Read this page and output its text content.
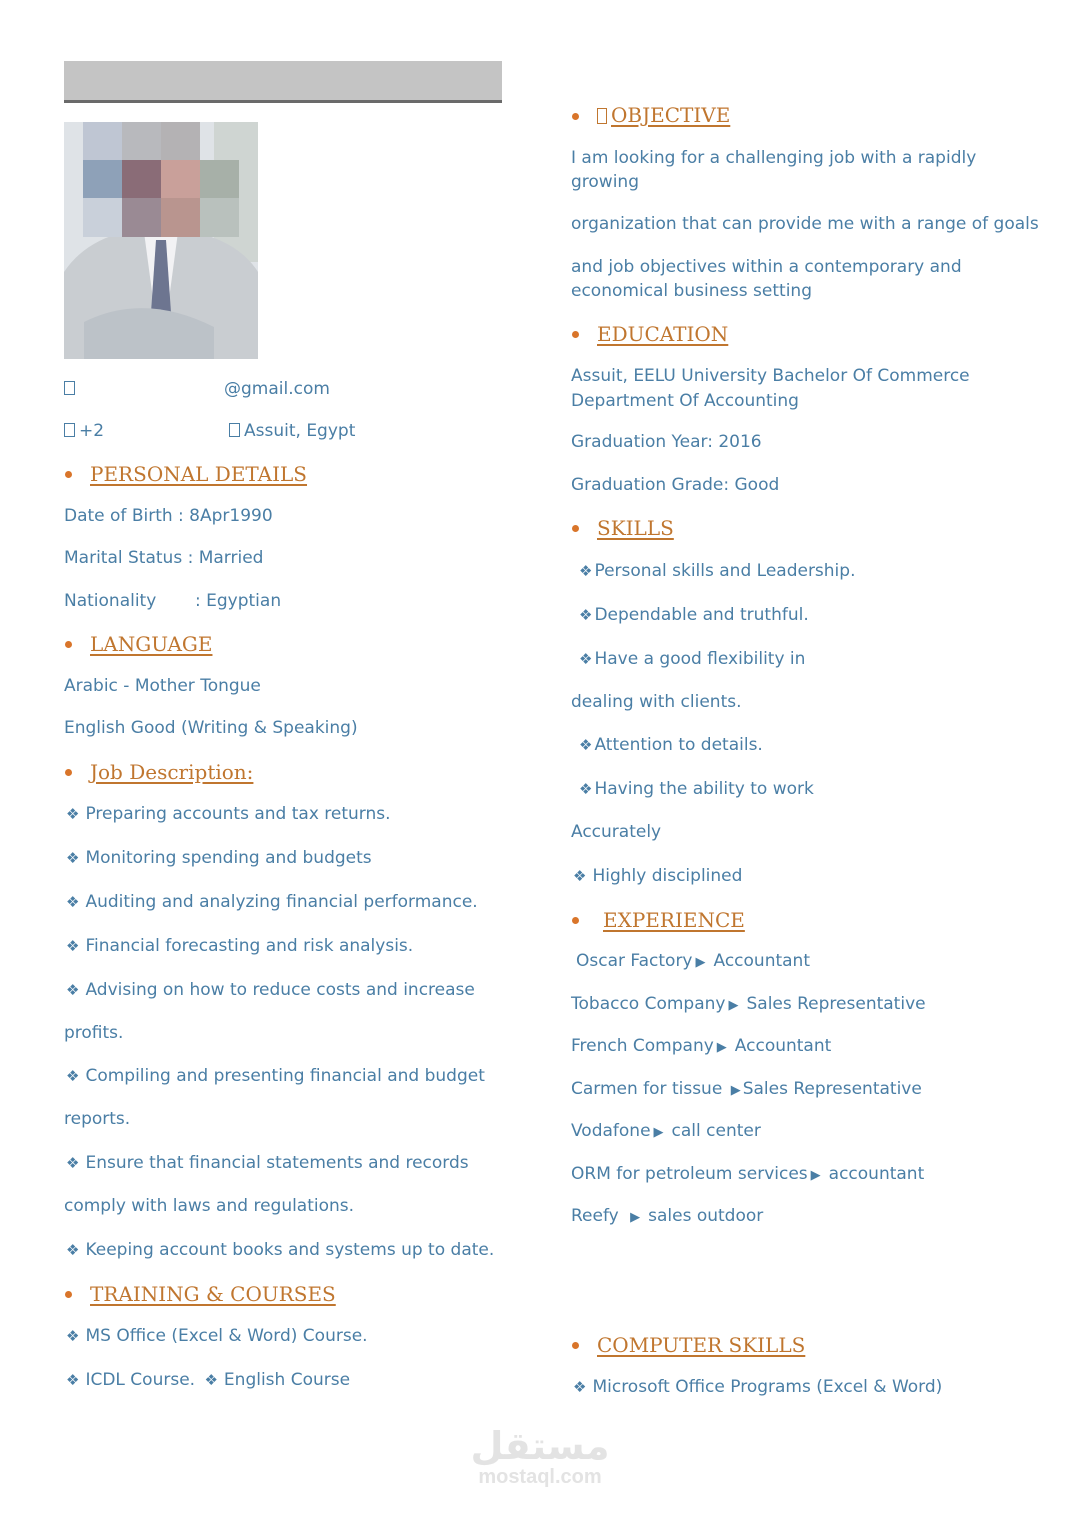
@gmail.com
+2	Assuit, Egypt
PERSONAL DETAILS
Date of Birth : 8Apr1990
Marital Status : Married
Nationality : Egyptian
LANGUAGE
Arabic - Mother Tongue
English Good (Writing & Speaking)
Job Description:
❖ Preparing accounts and tax returns.
❖ Monitoring spending and budgets
❖ Auditing and analyzing financial performance.
❖ Financial forecasting and risk analysis.
❖ Advising on how to reduce costs and increase
profits.
❖ Compiling and presenting financial and budget
reports.
❖ Ensure that financial statements and records
comply with laws and regulations.
❖ Keeping account books and systems up to date.
TRAINING & COURSES
❖ MS Office (Excel & Word) Course.
❖ ICDL Course. ❖ English Course
OBJECTIVE
I am looking for a challenging job with a rapidly growing
organization that can provide me with a range of goals
and job objectives within a contemporary and economical business setting
EDUCATION
Assuit, EELU University Bachelor Of Commerce Department Of Accounting
Graduation Year: 2016
Graduation Grade: Good
SKILLS
❖ Personal skills and Leadership.
❖ Dependable and truthful.
❖ Have a good flexibility in
dealing with clients.
❖ Attention to details.
❖ Having the ability to work
Accurately
❖ Highly disciplined
EXPERIENCE
Oscar Factory ▶ Accountant
Tobacco Company ▶ Sales Representative
French Company ▶ Accountant
Carmen for tissue ▶ Sales Representative
Vodafone ▶ call center
ORM for petroleum services ▶ accountant
Reefy ▶ sales outdoor
COMPUTER SKILLS
❖ Microsoft Office Programs (Excel & Word)
مستقل
mostaql.com
